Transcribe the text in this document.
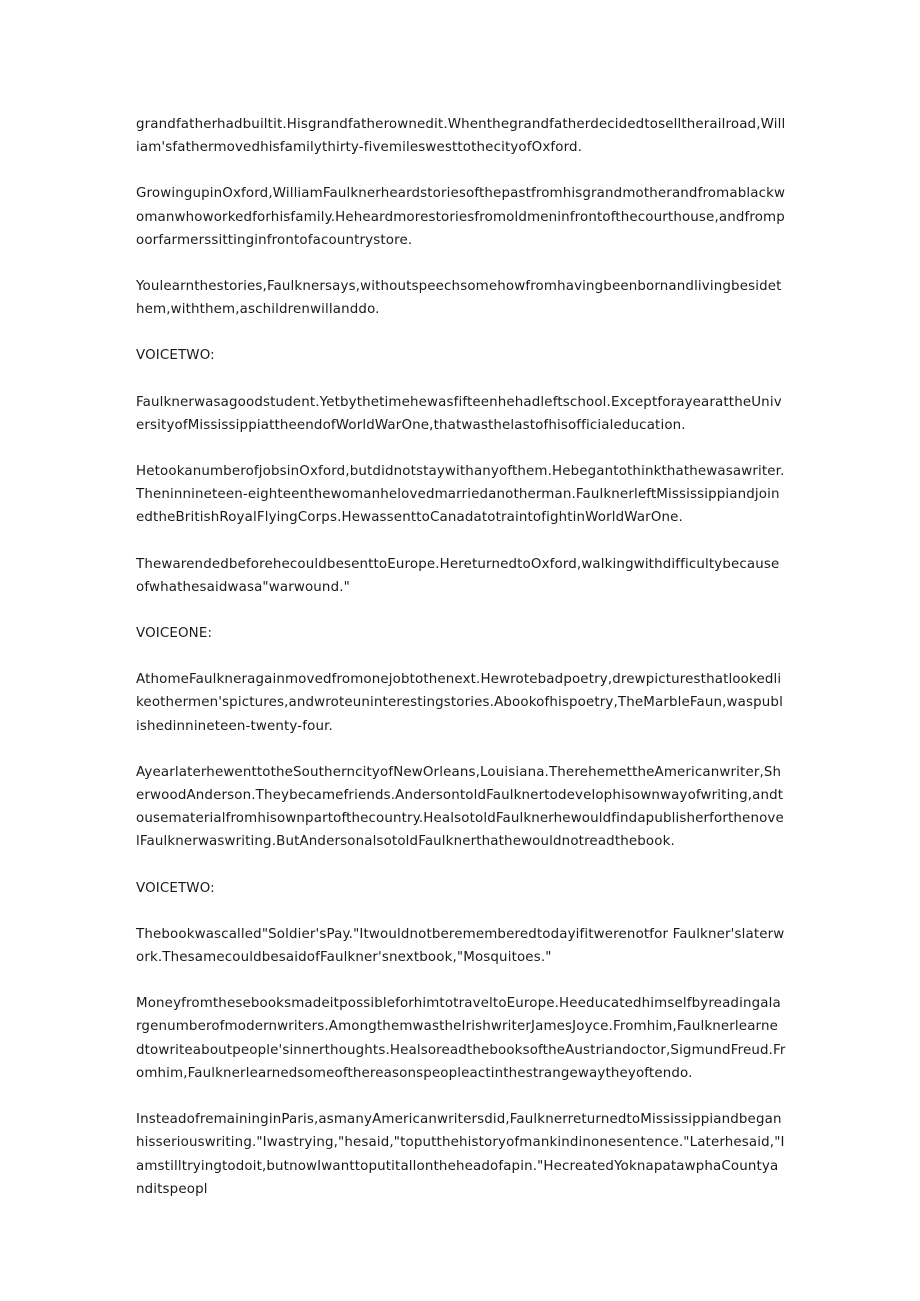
grandfatherhadbuiltit.Hisgrandfatherownedit.Whenthegrandfatherdecidedtoselltherailroad,William'sfathermovedhisfamilythirty-fivemileswesttothecityofOxford.

GrowingupinOxford,WilliamFaulknerheardstoriesofthepastfromhisgrandmotherandfromablackwomanwhoworkedforhisfamily.Heheardmorestoriesfromoldmeninfrontofthecourthouse,andfrompoorfarmerssittinginfrontofacountrystore.

Youlearnthestories,Faulknersays,withoutspeechsomehowfromhavingbeenbornandlivingbesidethem,withthem,aschildrenwillanddo.

VOICETWO:

Faulknerwasagoodstudent.Yetbythetimehewasfifteenhehadleftschool.ExceptforayearattheUniversityofMississippiattheendofWorldWarOne,thatwasthelastofhisofficialeducation.

HetookanumberofjobsinOxford,butdidnotstaywithanyofthem.Hebegantothinkthathewasawriter.Theninnineteen-eighteenthewomanhelovedmarriedanotherman.FaulknerleftMississippiandjoinedtheBritishRoyalFlyingCorps.HewassenttoCanadatotraintofightinWorldWarOne.

ThewarendedbeforehecouldbesenttoEurope.HereturnedtoOxford,walkingwithdifficultybecauseofwhathesaidwasa"warwound."

VOICEONE:

AthomeFaulkneragainmovedfromonejobtothenext.Hewrotebadpoetry,drewpicturesthatlookedlikeothermen'spictures,andwroteuninterestingstories.Abookofhispoetry,TheMarbleFaun,waspublishedinnineteen-twenty-four.

AyearlaterhewenttotheSoutherncityofNewOrleans,Louisiana.TherehemettheAmericanwriter,SherwoodAnderson.Theybecamefriends.AndersontoldFaulknertodevelophisownwayofwriting,andtousematerialfromhisownpartofthecountry.HealsotoldFaulknerhewouldfindapublisherforthenovelFaulknerwaswriting.ButAndersonalsotoldFaulknerthathewouldnotreadthebook.

VOICETWO:

Thebookwascalled"Soldier'sPay."Itwouldnotberememberedtodayifitwerenotfor Faulkner'slaterwork.ThesamecouldbesaidofFaulkner'snextbook,"Mosquitoes."

MoneyfromthesebooksmadeitpossibleforhimtotraveltoEurope.Heeducatedhimselfbyreadingalargenumberofmodernwriters.AmongthemwastheIrishwriterJamesJoyce.Fromhim,Faulknerlearnedtowriteaboutpeople'sinnerthoughts.HealsoreadthebooksoftheAustriandoctor,SigmundFreud.Fromhim,Faulknerlearnedsomeofthereasonspeopleactinthestrangewaytheyoftendo.

InsteadofremaininginParis,asmanyAmericanwritersdid,FaulknerreturnedtoMississippiandbeganhisseriouswriting."Iwastrying,"hesaid,"toputthehistoryofmankindinonesentence."Laterhesaid,"Iamstilltryingtodoit,butnowIwanttoputitallontheheadofapin."HecreatedYoknapatawphaCountyanditspeopl
